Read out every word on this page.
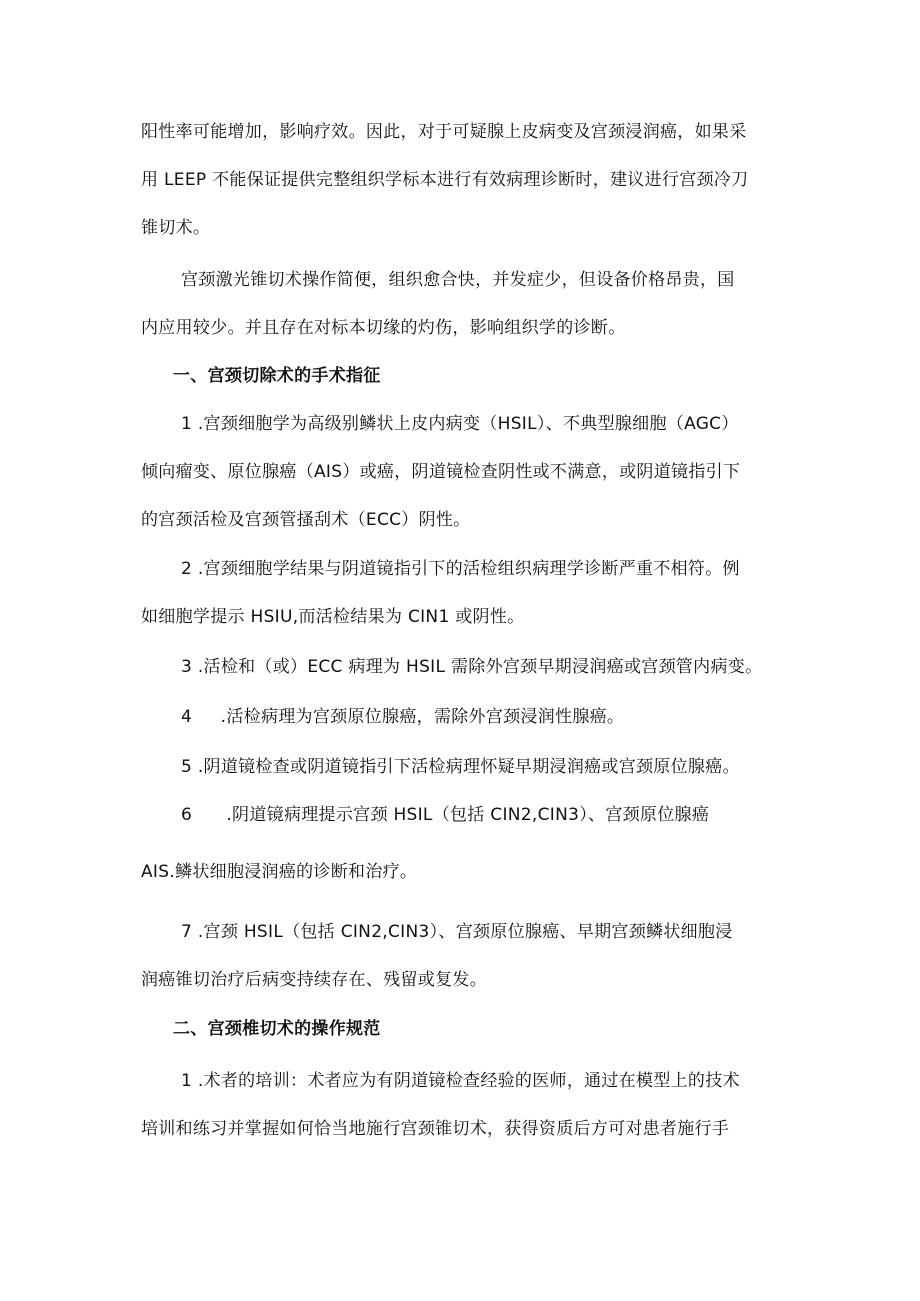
阳性率可能增加，影响疗效。因此，对于可疑腺上皮病变及宫颈浸润癌，如果采

用 LEEP 不能保证提供完整组织学标本进行有效病理诊断时，建议进行宫颈冷刀

锥切术。

宫颈激光锥切术操作简便，组织愈合快，并发症少，但设备价格昂贵，国

内应用较少。并且存在对标本切缘的灼伤，影响组织学的诊断。

一、宫颈切除术的手术指征

1 .宫颈细胞学为高级别鳞状上皮内病变（HSIL）、不典型腺细胞（AGC）

倾向瘤变、原位腺癌（AIS）或癌，阴道镜检查阴性或不满意，或阴道镜指引下

的宫颈活检及宫颈管搔刮术（ECC）阴性。

2 .宫颈细胞学结果与阴道镜指引下的活检组织病理学诊断严重不相符。例

如细胞学提示 HSIU,而活检结果为 CIN1 或阴性。

3 .活检和（或）ECC 病理为 HSIL 需除外宫颈早期浸润癌或宫颈管内病变。

4     .活检病理为宫颈原位腺癌，需除外宫颈浸润性腺癌。

5 .阴道镜检查或阴道镜指引下活检病理怀疑早期浸润癌或宫颈原位腺癌。

6      .阴道镜病理提示宫颈 HSIL（包括 CIN2,CIN3）、宫颈原位腺癌

AIS.鳞状细胞浸润癌的诊断和治疗。

7 .宫颈 HSIL（包括 CIN2,CIN3）、宫颈原位腺癌、早期宫颈鳞状细胞浸

润癌锥切治疗后病变持续存在、残留或复发。

二、宫颈椎切术的操作规范

1 .术者的培训：术者应为有阴道镜检查经验的医师，通过在模型上的技术

培训和练习并掌握如何恰当地施行宫颈锥切术，获得资质后方可对患者施行手
